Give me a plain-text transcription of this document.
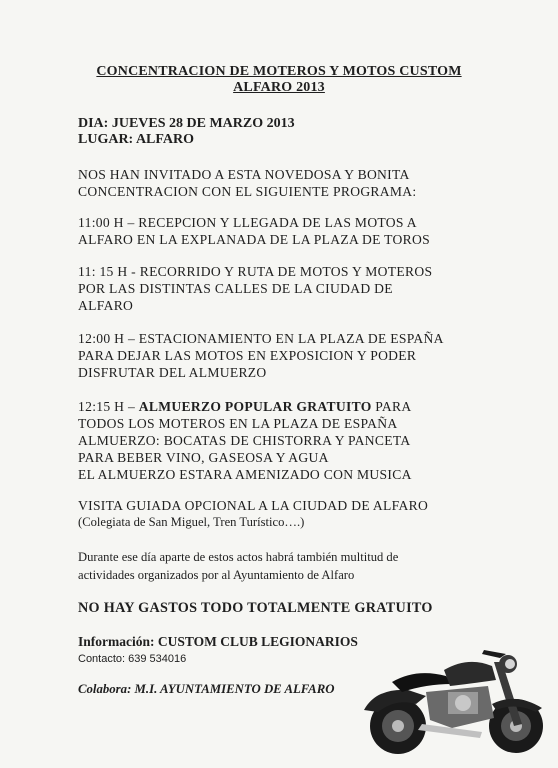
CONCENTRACION DE MOTEROS Y MOTOS CUSTOM
ALFARO 2013
DIA: JUEVES 28 DE MARZO 2013
LUGAR: ALFARO
NOS HAN INVITADO A ESTA NOVEDOSA Y BONITA
CONCENTRACION CON EL SIGUIENTE PROGRAMA:
11:00 H – RECEPCION Y LLEGADA DE LAS MOTOS A
ALFARO EN LA EXPLANADA DE LA PLAZA DE TOROS
11: 15 H - RECORRIDO Y RUTA DE MOTOS Y MOTEROS
POR LAS DISTINTAS CALLES DE LA CIUDAD DE
ALFARO
12:00 H – ESTACIONAMIENTO EN LA PLAZA DE ESPAÑA
PARA DEJAR LAS MOTOS EN EXPOSICION Y PODER
DISFRUTAR DEL ALMUERZO
12:15 H – ALMUERZO POPULAR GRATUITO PARA
TODOS LOS MOTEROS EN LA PLAZA DE ESPAÑA
ALMUERZO: BOCATAS DE CHISTORRA Y PANCETA
PARA BEBER VINO, GASEOSA Y AGUA
EL ALMUERZO ESTARA AMENIZADO CON MUSICA
VISITA GUIADA OPCIONAL A LA CIUDAD DE ALFARO
(Colegiata de San Miguel, Tren Turístico….)
Durante ese día aparte de estos actos habrá también multitud de
actividades organizados por al Ayuntamiento de Alfaro
NO HAY GASTOS TODO TOTALMENTE GRATUITO
Información: CUSTOM CLUB LEGIONARIOS
Contacto: 639 534016
Colabora: M.I. AYUNTAMIENTO DE ALFARO
